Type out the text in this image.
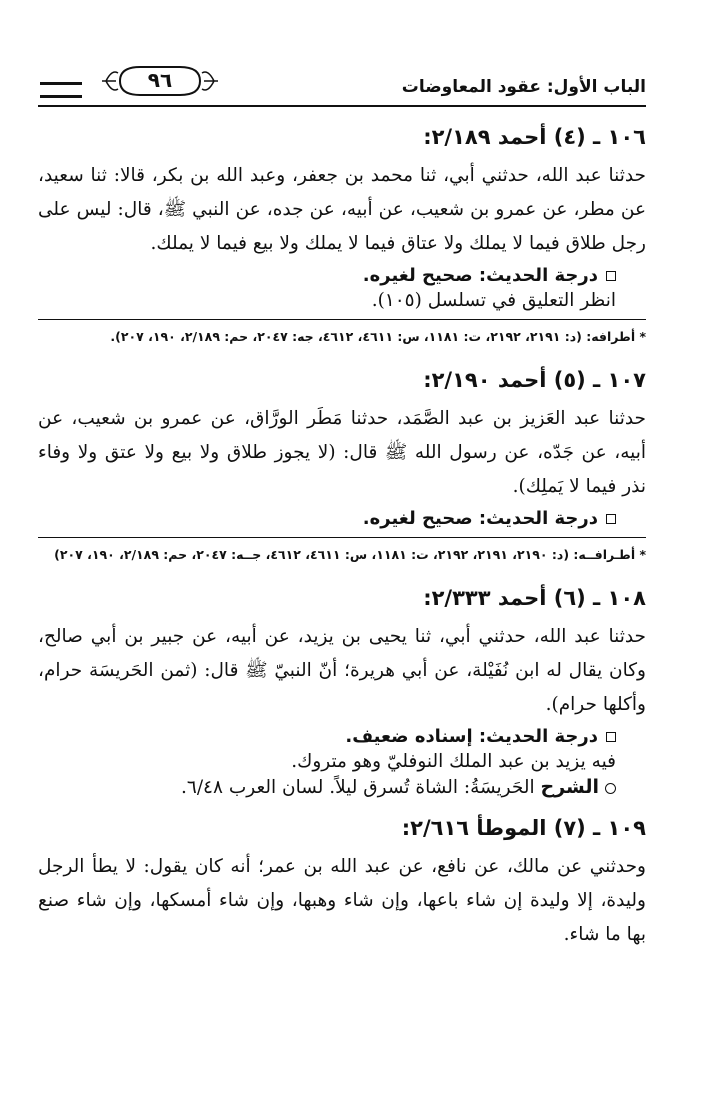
الباب الأول: عقود المعاوضات
٩٦
١٠٦ ـ (٤) أحمد ٢/١٨٩:

حدثنا عبد الله، حدثني أبي، ثنا محمد بن جعفر، وعبد الله بن بكر، قالا: ثنا سعيد، عن مطر، عن عمرو بن شعيب، عن أبيه، عن جده، عن النبي ﷺ، قال: ليس على رجل طلاق فيما لا يملك ولا عتاق فيما لا يملك ولا بيع فيما لا يملك.

درجة الحديث: صحيح لغيره.
انظر التعليق في تسلسل (١٠٥).
* أطرافه: (د: ٢١٩١، ٢١٩٢، ت: ١١٨١، س: ٤٦١١، ٤٦١٢، جه: ٢٠٤٧، حم: ٢/١٨٩، ١٩٠، ٢٠٧).
١٠٧ ـ (٥) أحمد ٢/١٩٠:

حدثنا عبد العَزيز بن عبد الصَّمَد، حدثنا مَطَر الورَّاق، عن عمرو بن شعيب، عن أبيه، عن جَدّه، عن رسول الله ﷺ قال: (لا يجوز طلاق ولا بيع ولا عتق ولا وفاء نذر فيما لا يَملِك).

درجة الحديث: صحيح لغيره.
* أطـرافــه: (د: ٢١٩٠، ٢١٩١، ٢١٩٢، ت: ١١٨١، س: ٤٦١١، ٤٦١٢، جــه: ٢٠٤٧، حم: ٢/١٨٩، ١٩٠، ٢٠٧)
١٠٨ ـ (٦) أحمد ٢/٣٣٣:

حدثنا عبد الله، حدثني أبي، ثنا يحيى بن يزيد، عن أبيه، عن جبير بن أبي صالح، وكان يقال له ابن نُفَيْلة، عن أبي هريرة؛ أنّ النبيّ ﷺ قال: (ثمن الحَريسَة حرام، وأكلها حرام).

درجة الحديث: إسناده ضعيف.
فيه يزيد بن عبد الملك النوفليّ وهو متروك.
الشرح الحَريسَةُ: الشاة تُسرق ليلاً. لسان العرب ٦/٤٨.
١٠٩ ـ (٧) الموطأ ٢/٦١٦:

وحدثني عن مالك، عن نافع، عن عبد الله بن عمر؛ أنه كان يقول: لا يطأ الرجل وليدة، إلا وليدة إن شاء باعها، وإن شاء وهبها، وإن شاء أمسكها، وإن شاء صنع بها ما شاء.
